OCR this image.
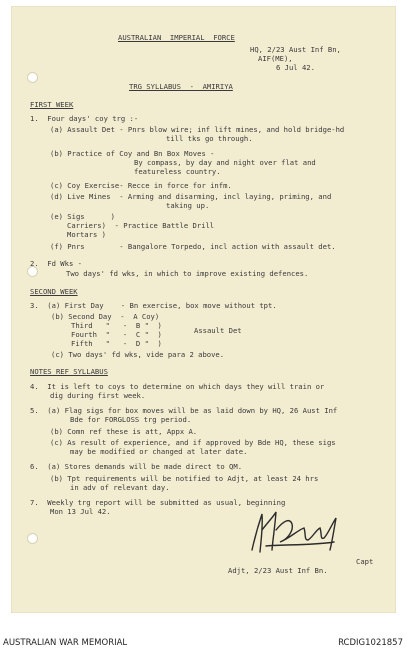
AUSTRALIAN  IMPERIAL  FORCE
HQ, 2/23 Aust Inf Bn,
AIF(ME),
6 Jul 42.
TRG SYLLABUS  -  AMIRIYA
FIRST WEEK
1.  Four days' coy trg :-
(a) Assault Det - Pnrs blow wire; inf lift mines, and hold bridge-hd
till tks go through.
(b) Practice of Coy and Bn Box Moves -
By compass, by day and night over flat and
featureless country.
(c) Coy Exercise- Recce in force for infm.
(d) Live Mines  - Arming and disarming, incl laying, priming, and
taking up.
(e) Sigs      )
Carriers)  - Practice Battle Drill
Mortars )
(f) Pnrs        - Bangalore Torpedo, incl action with assault det.
2.  Fd Wks -
Two days' fd wks, in which to improve existing defences.
SECOND WEEK
3.  (a) First Day    - Bn exercise, box move without tpt.
(b) Second Day  -  A Coy)
Third   "   -  B "  )
Fourth  "   -  C "  )
Fifth   "   -  D "  )
Assault Det
(c) Two days' fd wks, vide para 2 above.
NOTES REF SYLLABUS
4.  It is left to coys to determine on which days they will train or
dig during first week.
5.  (a) Flag sigs for box moves will be as laid down by HQ, 26 Aust Inf
Bde for FORGLOSS trg period.
(b) Comn ref these is att, Appx A.
(c) As result of experience, and if approved by Bde HQ, these sigs
may be modified or changed at later date.
6.  (a) Stores demands will be made direct to QM.
(b) Tpt requirements will be notified to Adjt, at least 24 hrs
in adv of relevant day.
7.  Weekly trg report will be submitted as usual, beginning
Mon 13 Jul 42.
Capt
Adjt, 2/23 Aust Inf Bn.
AUSTRALIAN WAR MEMORIAL	RCDIG1021857
